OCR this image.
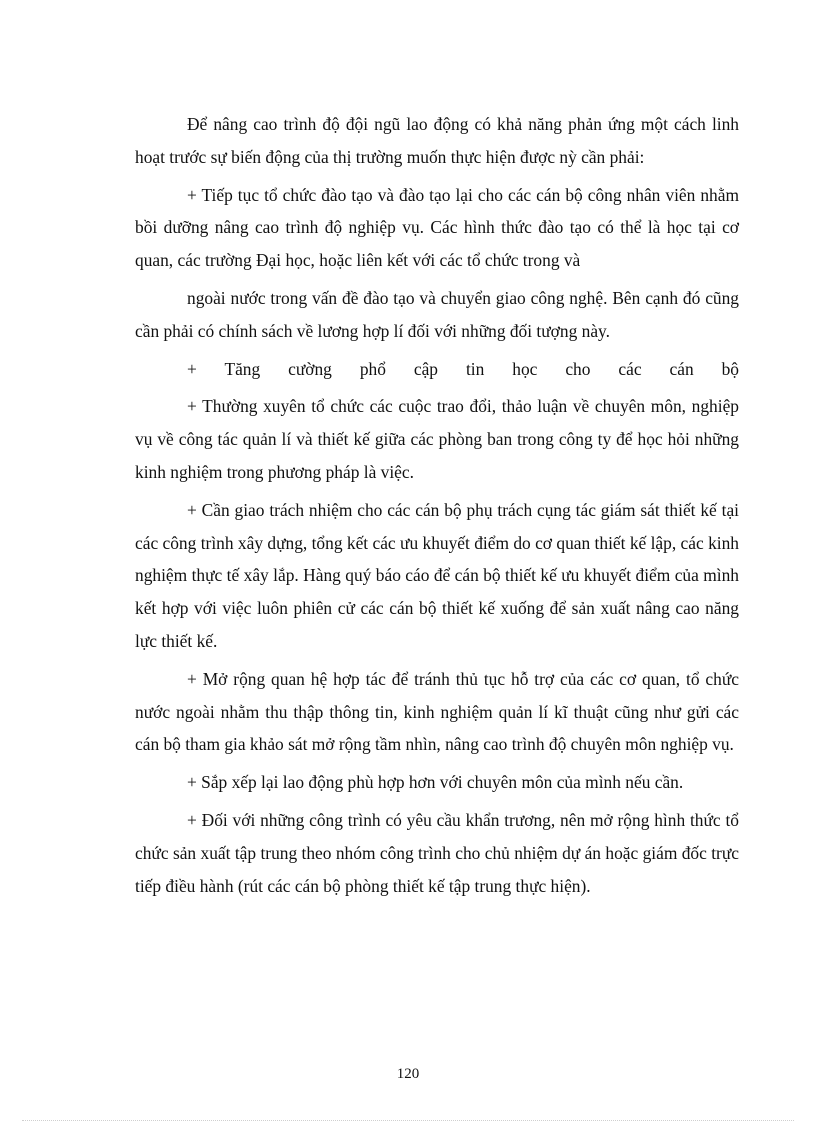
Để nâng cao trình độ đội ngũ lao động có khả năng phản ứng một cách linh hoạt trước sự biến động của thị trường muốn thực hiện được nỳ cần phải:

+ Tiếp tục tổ chức đào tạo và đào tạo lại cho các cán bộ công nhân viên nhằm bồi dưỡng nâng cao trình độ nghiệp vụ. Các hình thức đào tạo có thể là học tại cơ quan, các trường Đại học, hoặc liên kết với các tổ chức trong và

ngoài nước trong vấn đề đào tạo và chuyển giao công nghệ. Bên cạnh đó cũng cần phải có chính sách về lương hợp lí đối với những đối tượng này.

+ Tăng cường phổ cập tin học cho các cán bộ

+ Thường xuyên tổ chức các cuộc trao đổi, thảo luận về chuyên môn, nghiệp vụ về công tác quản lí và thiết kế giữa các phòng ban trong công ty để học hỏi những kinh nghiệm trong phương pháp là việc.

+ Cần giao trách nhiệm cho các cán bộ phụ trách cụng tác giám sát thiết kế tại các công trình xây dựng, tổng kết các ưu khuyết điểm do cơ quan thiết kế lập, các kinh nghiệm thực tế xây lắp. Hàng quý báo cáo để cán bộ thiết kế ưu khuyết điểm của mình kết hợp với việc luôn phiên cử các cán bộ thiết kế xuống để sản xuất nâng cao năng lực thiết kế.

+ Mở rộng quan hệ hợp tác để tránh thủ tục hỗ trợ của các cơ quan, tổ chức nước ngoài nhằm thu thập thông tin, kinh nghiệm quản lí kĩ thuật cũng như gửi các cán bộ tham gia khảo sát mở rộng tầm nhìn, nâng cao trình độ chuyên môn nghiệp vụ.

+ Sắp xếp lại lao động phù hợp hơn với chuyên môn của mình nếu cần.

+ Đối với những công trình có yêu cầu khẩn trương, nên mở rộng hình thức tổ chức sản xuất tập trung theo nhóm công trình cho chủ nhiệm dự án hoặc giám đốc trực tiếp điều hành (rút các cán bộ phòng thiết kế tập trung thực hiện).

120
